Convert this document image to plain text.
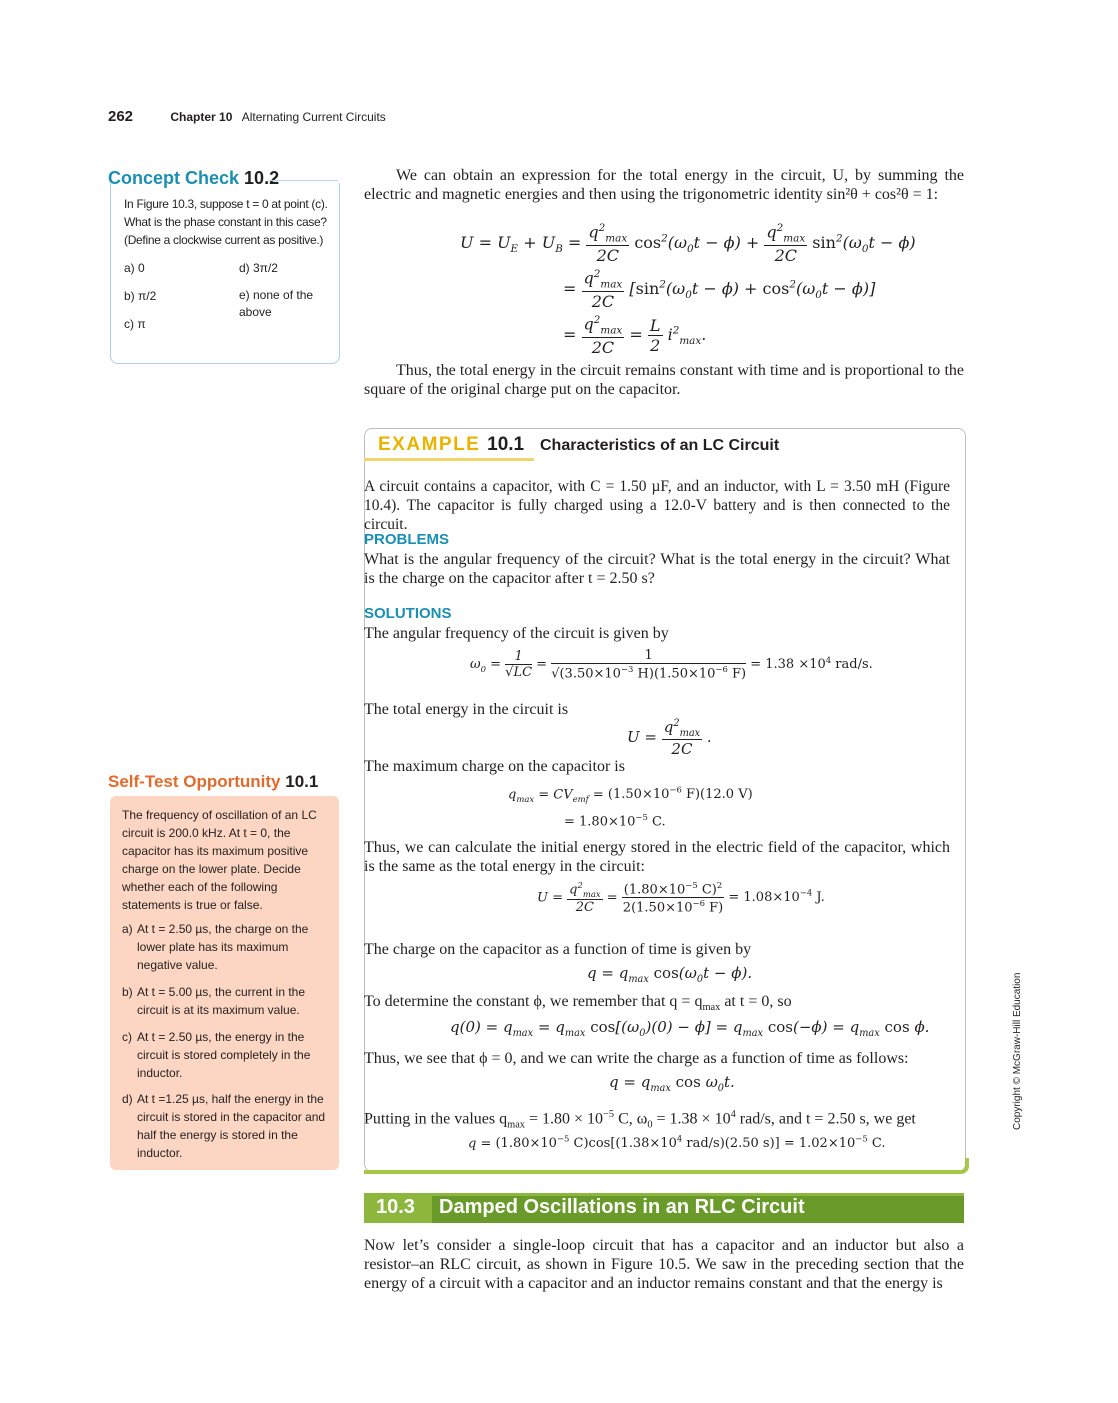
262	Chapter 10 Alternating Current Circuits
Concept Check 10.2
In Figure 10.3, suppose t = 0 at point (c). What is the phase constant in this case? (Define a clockwise current as positive.)
a) 0
b) π/2
c) π
d) 3π/2
e) none of the above
Self-Test Opportunity 10.1

The frequency of oscillation of an LC circuit is 200.0 kHz. At t = 0, the capacitor has its maximum positive charge on the lower plate. Decide whether each of the following statements is true or false.

a) At t = 2.50 µs, the charge on the lower plate has its maximum negative value.
b) At t = 5.00 µs, the current in the circuit is at its maximum value.
c) At t = 2.50 µs, the energy in the circuit is stored completely in the inductor.
d) At t =1.25 µs, half the energy in the circuit is stored in the capacitor and half the energy is stored in the inductor.
We can obtain an expression for the total energy in the circuit, U, by summing the electric and magnetic energies and then using the trigonometric identity sin²θ + cos²θ = 1:
$U = U_E + U_B = \frac{q^2_{max}}{2C} \cos^2(\omega_0t - \phi) + \frac{q^2_{max}}{2C} \sin^2(\omega_0t - \phi)$
= $\frac{q^2_{max}}{2C} [\sin^2(\omega_0t - \phi) + \cos^2(\omega_0t - \phi)]$
= $\frac{q^2_{max}}{2C} = \frac{L}{2} i^2_{max}$.
Thus, the total energy in the circuit remains constant with time and is proportional to the square of the original charge put on the capacitor.
EXAMPLE 10.1 Characteristics of an LC Circuit
A circuit contains a capacitor, with C = 1.50 µF, and an inductor, with L = 3.50 mH (Figure 10.4). The capacitor is fully charged using a 12.0-V battery and is then connected to the circuit.
PROBLEMS
What is the angular frequency of the circuit? What is the total energy in the circuit? What is the charge on the capacitor after t = 2.50 s?
SOLUTIONS
The angular frequency of the circuit is given by
$\omega_0 = \frac{1}{√LC} = \frac{1}{√(3.50\times 10^{-3} H)(1.50\times 10^{-6} F)} = 1.38 \times 10^4$ rad/s.
The total energy in the circuit is
$U = \frac{q^2_{max}}{2C}$ .
The maximum charge on the capacitor is
$q_{max} = CV_{emf} = (1.50\times 10^{-6}$ F)(12.0 V)
= $1.80\times 10^{-5}$ C.
Thus, we can calculate the initial energy stored in the electric field of the capacitor, which is the same as the total energy in the circuit:
$U = \frac{q^2_{max}}{2C} = \frac{(1.80\times 10^{-5} C)^2}{2(1.50\times 10^{-6} F)} = 1.08\times 10^{-4}$ J.
The charge on the capacitor as a function of time is given by
$q = q_{max}$ $\cos(\omega_0t - \phi)$.
To determine the constant ϕ, we remember that $q = q_{max}$ at t = 0, so
$q(0) = q_{max} = q_{max}$ $\cos[(\omega_0)(0) - \phi] = q_{max}$ $\cos(-\phi) = q_{max}$ cos ϕ.
Thus, we see that ϕ = 0, and we can write the charge as a function of time as follows:
$q = q_{max}$ $\cos \omega_0t$.
Putting in the values $q_{max} = 1.80 \times 10^{-5}$ C, $\omega_0 = 1.38 \times 10^4$ rad/s, and t = 2.50 s, we get
$q = (1.80\times 10^{-5}$ $C)\cos[(1.38\times 10^4$ rad/s)(2.50 $s)] = 1.02\times 10^{-5}$ C.
10.3 Damped Oscillations in an RLC Circuit
Now let’s consider a single-loop circuit that has a capacitor and an inductor but also a resistor–an RLC circuit, as shown in Figure 10.5. We saw in the preceding section that the energy of a circuit with a capacitor and an inductor remains constant and that the energy is
Copyright © McGraw-Hill Education
